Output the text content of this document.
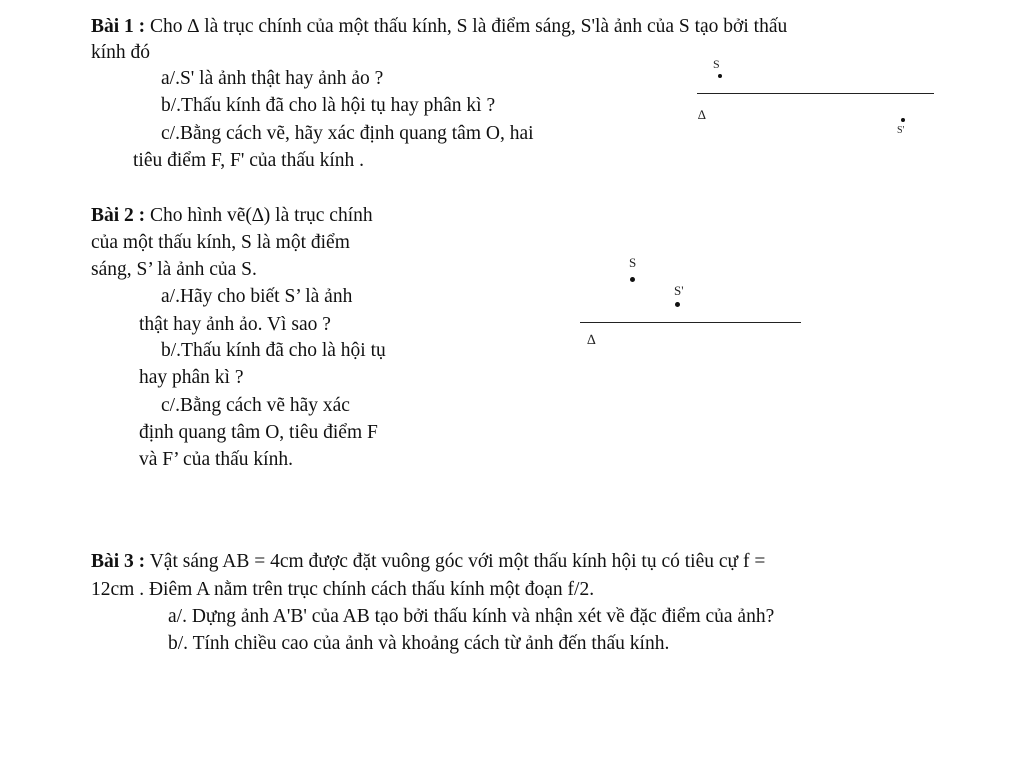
Bài 1 : Cho ∆ là trục chính của một thấu kính, S là điểm sáng, S'là ảnh của S tạo bởi thấu
kính đó
a/.S' là ảnh thật hay ảnh ảo ?
b/.Thấu kính đã cho là hội tụ hay phân kì ?
c/.Bằng cách vẽ, hãy xác định quang tâm O, hai
tiêu điểm F, F' của thấu kính .
S
∆
S'
Bài 2 : Cho hình vẽ(∆) là trục chính
của một thấu kính, S là một điểm
sáng, S’ là ảnh của S.
a/.Hãy cho biết S’ là ảnh
thật hay ảnh ảo. Vì sao ?
b/.Thấu kính đã cho là hội tụ
hay phân kì ?
c/.Bằng cách vẽ hãy xác
định quang tâm O, tiêu điểm F
và F’ của thấu kính.
S
S'
∆
Bài 3 : Vật sáng AB = 4cm được đặt vuông góc với một thấu kính hội tụ có tiêu cự f =
12cm . Điêm A nằm trên trục chính cách thấu kính một đoạn f/2.
a/. Dựng ảnh A'B' của AB tạo bởi thấu kính và nhận xét về đặc điểm của ảnh?
b/. Tính chiều cao của ảnh và khoảng cách từ ảnh đến thấu kính.
